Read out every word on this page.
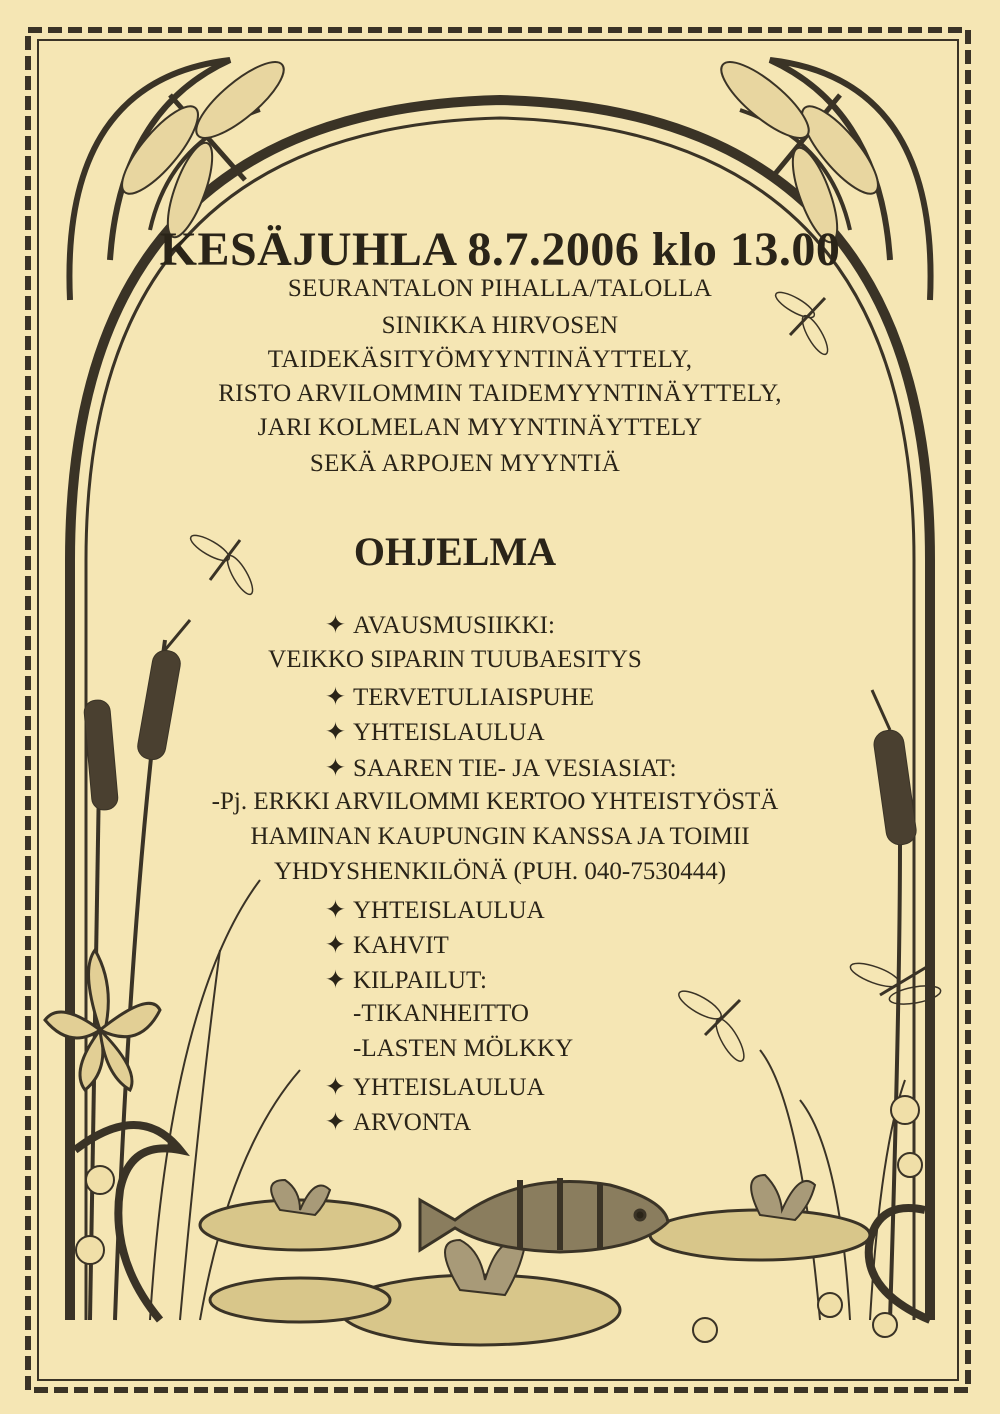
KESÄJUHLA 8.7.2006 klo 13.00
SEURANTALON PIHALLA/TALOLLA
SINIKKA HIRVOSEN
TAIDEKÄSITYÖMYYNTINÄYTTELY,
RISTO ARVILOMMIN TAIDEMYYNTINÄYTTELY,
JARI KOLMELAN MYYNTINÄYTTELY
SEKÄ ARPOJEN MYYNTIÄ
OHJELMA
✦ AVAUSMUSIIKKI:
VEIKKO SIPARIN TUUBAESITYS
✦ TERVETULIAISPUHE
✦ YHTEISLAULUA
✦ SAAREN TIE- JA VESIASIAT:
-Pj. ERKKI ARVILOMMI KERTOO YHTEISTYÖSTÄ
HAMINAN KAUPUNGIN KANSSA JA TOIMII
YHDYSHENKILÖNÄ (PUH. 040-7530444)
✦ YHTEISLAULUA
✦ KAHVIT
✦ KILPAILUT:
-TIKANHEITTO
-LASTEN MÖLKKY
✦ YHTEISLAULUA
✦ ARVONTA
